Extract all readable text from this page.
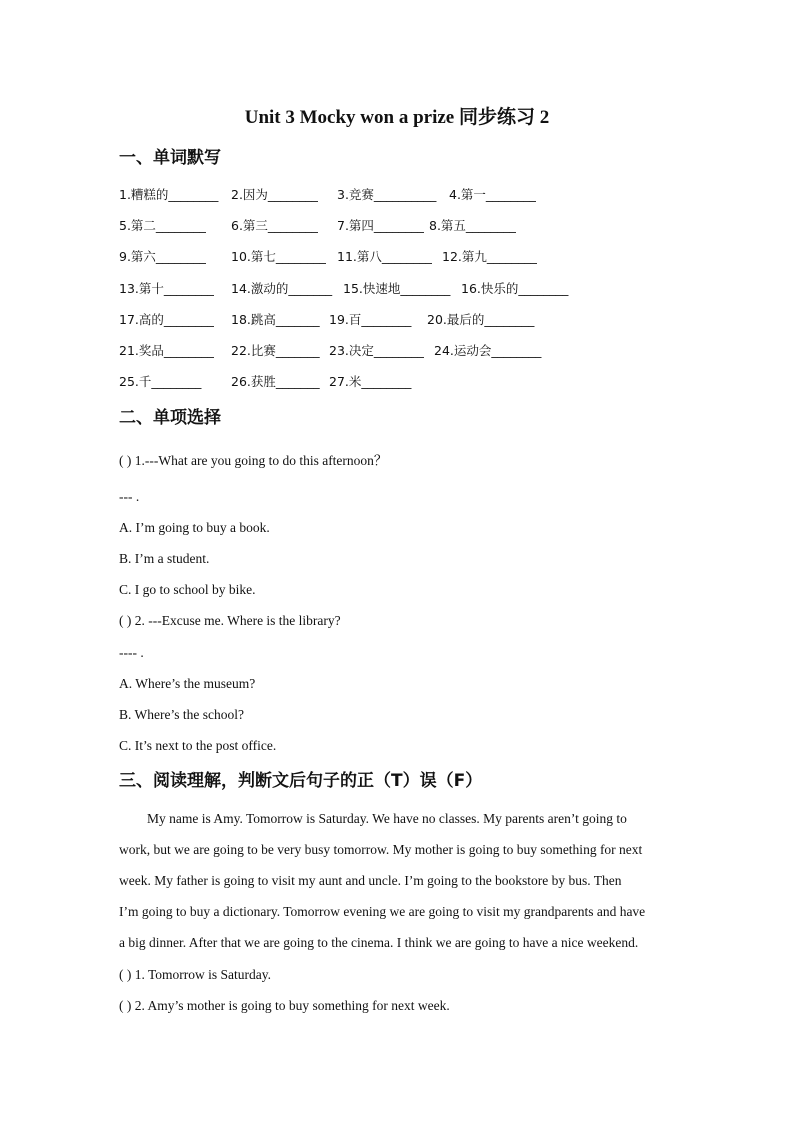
Unit 3 Mocky won a prize 同步练习 2
一、单词默写
1.糟糕的________ 2.因为________ 3.竞赛__________ 4.第一________
5.第二________ 6.第三________ 7.第四________ 8.第五________
9.第六________ 10.第七________ 11.第八________ 12.第九________
13.第十________ 14.激动的_______ 15.快速地________ 16.快乐的________
17.高的________ 18.跳高_______ 19.百________ 20.最后的________
21.奖品________ 22.比赛_______ 23.决定________ 24.运动会________
25.千________ 26.获胜_______ 27.米________
二、单项选择
( ) 1.---What are you going to do this afternoon？
--- .
A. I’m going to buy a book.
B. I’m a student.
C. I go to school by bike.
( ) 2. ---Excuse me. Where is the library?
---- .
A. Where’s the museum?
B. Where’s the school?
C. It’s next to the post office.
三、阅读理解，判断文后句子的正（T）误（F）
My name is Amy. Tomorrow is Saturday. We have no classes. My parents aren’t going to
work, but we are going to be very busy tomorrow. My mother is going to buy something for next
week. My father is going to visit my aunt and uncle. I’m going to the bookstore by bus. Then
I’m going to buy a dictionary. Tomorrow evening we are going to visit my grandparents and have
a big dinner. After that we are going to the cinema. I think we are going to have a nice weekend.
( ) 1. Tomorrow is Saturday.
( ) 2. Amy’s mother is going to buy something for next week.
